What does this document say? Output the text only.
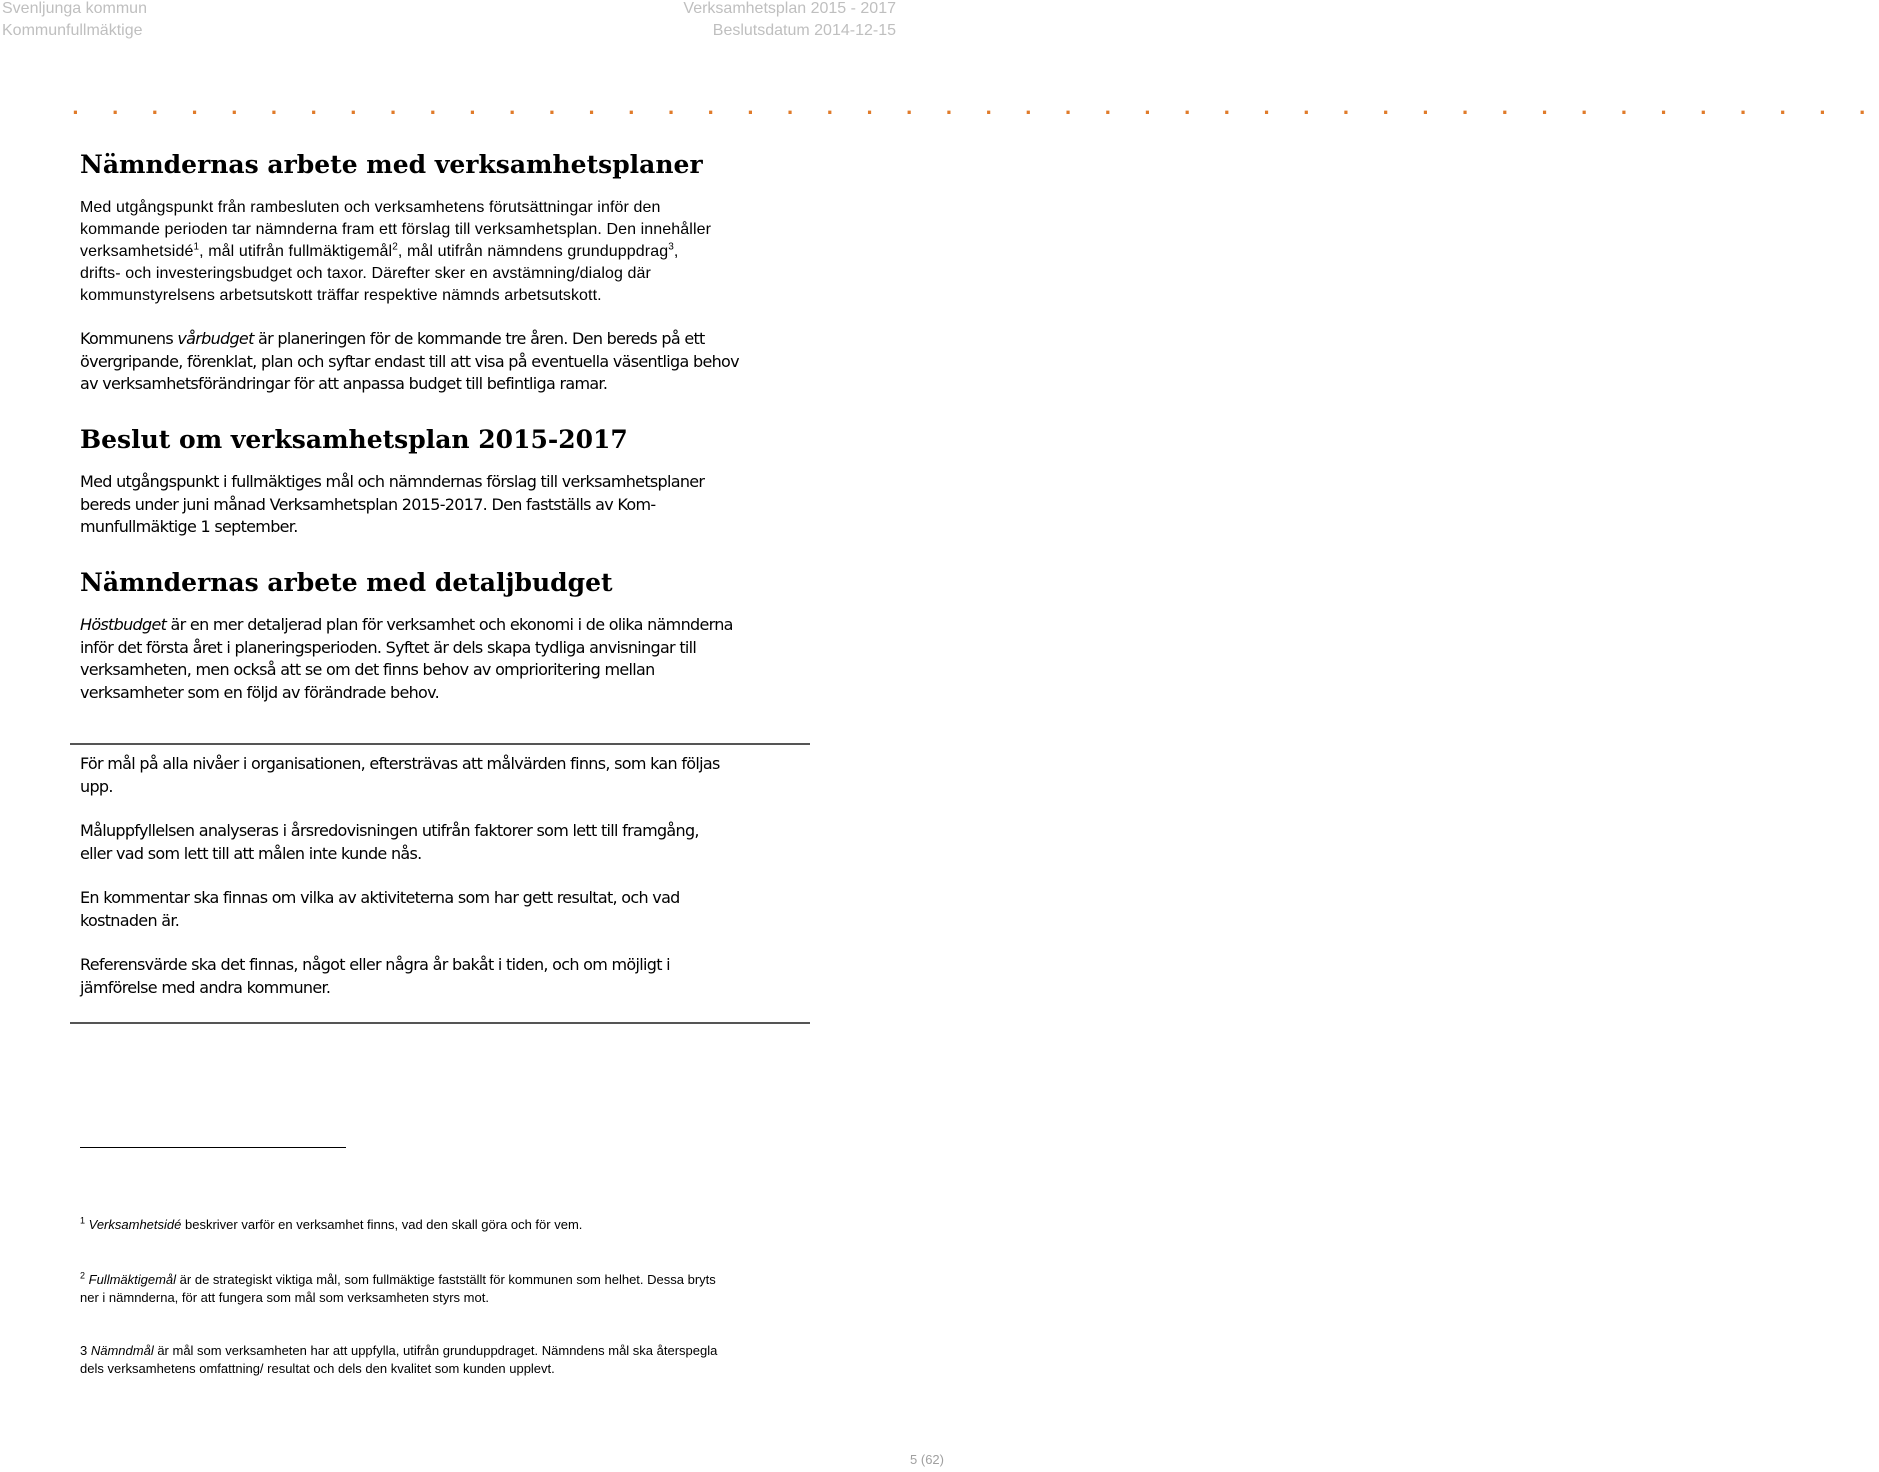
Svenljunga kommun
Kommunfullmäktige
Verksamhetsplan 2015 - 2017
Beslutsdatum 2014-12-15
. . . . . . . . . . . . . . . . . . . . . . . . . . . . . . . . . . . . . . . . . . . . . .
Nämndernas arbete med verksamhetsplaner
Med utgångspunkt från rambesluten och verksamhetens förutsättningar inför den
kommande perioden tar nämnderna fram ett förslag till verksamhetsplan. Den innehåller
verksamhetsidé$^1$, mål utifrån fullmäktigemål$^2$, mål utifrån nämndens grunduppdrag$^3$,
drifts- och investeringsbudget och taxor. Därefter sker en avstämning/dialog där
kommunstyrelsens arbetsutskott träffar respektive nämnds arbetsutskott.
Kommunens vårbudget är planeringen för de kommande tre åren. Den bereds på ett
övergripande, förenklat, plan och syftar endast till att visa på eventuella väsentliga behov
av verksamhetsförändringar för att anpassa budget till befintliga ramar.
Beslut om verksamhetsplan 2015-2017
Med utgångspunkt i fullmäktiges mål och nämndernas förslag till verksamhetsplaner
bereds under juni månad Verksamhetsplan 2015-2017. Den fastställs av Kom-
munfullmäktige 1 september.
Nämndernas arbete med detaljbudget
Höstbudget är en mer detaljerad plan för verksamhet och ekonomi i de olika nämnderna
inför det första året i planeringsperioden. Syftet är dels skapa tydliga anvisningar till
verksamheten, men också att se om det finns behov av omprioritering mellan
verksamheter som en följd av förändrade behov.
För mål på alla nivåer i organisationen, eftersträvas att målvärden finns, som kan följas
upp.
Måluppfyllelsen analyseras i årsredovisningen utifrån faktorer som lett till framgång,
eller vad som lett till att målen inte kunde nås.
En kommentar ska finnas om vilka av aktiviteterna som har gett resultat, och vad
kostnaden är.
Referensvärde ska det finnas, något eller några år bakåt i tiden, och om möjligt i
jämförelse med andra kommuner.
$^1$ Verksamhetsidé beskriver varför en verksamhet finns, vad den skall göra och för vem.
$^2$ Fullmäktigemål är de strategiskt viktiga mål, som fullmäktige fastställt för kommunen som helhet. Dessa bryts
ner i nämnderna, för att fungera som mål som verksamheten styrs mot.
3 Nämndmål är mål som verksamheten har att uppfylla, utifrån grunduppdraget. Nämndens mål ska återspegla
dels verksamhetens omfattning/ resultat och dels den kvalitet som kunden upplevt.
5 (62)
